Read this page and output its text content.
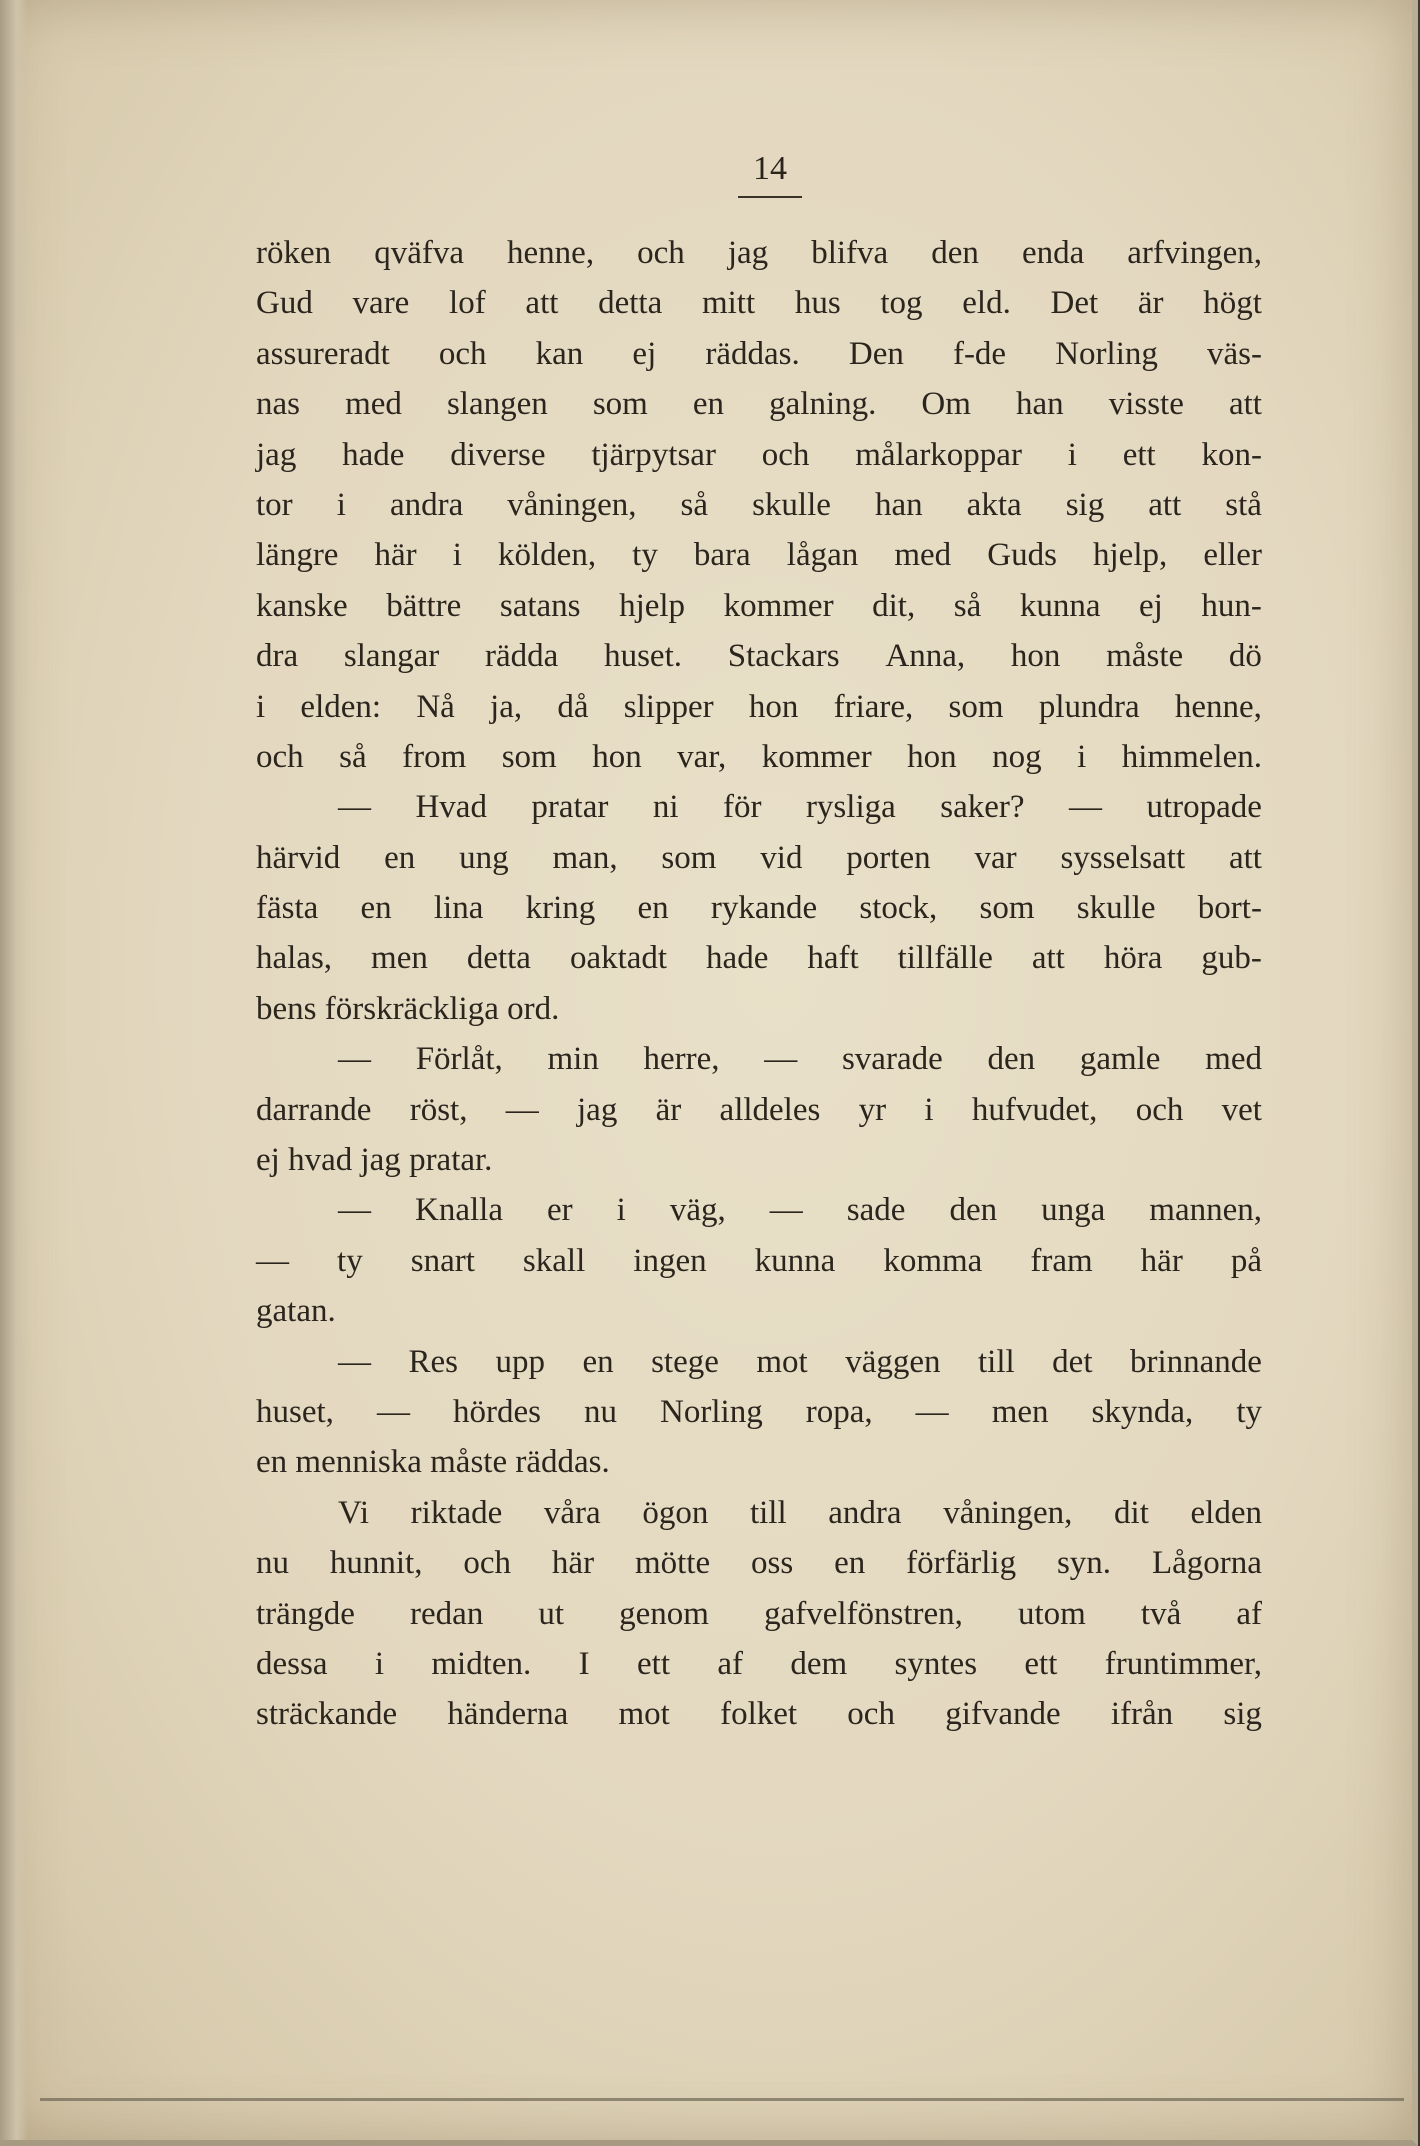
14
röken qväfva henne, och jag blifva den enda arfvingen,
Gud vare lof att detta mitt hus tog eld. Det är högt
assureradt och kan ej räddas. Den f-de Norling väs-
nas med slangen som en galning. Om han visste att
jag hade diverse tjärpytsar och målarkoppar i ett kon-
tor i andra våningen, så skulle han akta sig att stå
längre här i kölden, ty bara lågan med Guds hjelp, eller
kanske bättre satans hjelp kommer dit, så kunna ej hun-
dra slangar rädda huset. Stackars Anna, hon måste dö
i elden: Nå ja, då slipper hon friare, som plundra henne,
och så from som hon var, kommer hon nog i himmelen.
— Hvad pratar ni för rysliga saker? — utropade
härvid en ung man, som vid porten var sysselsatt att
fästa en lina kring en rykande stock, som skulle bort-
halas, men detta oaktadt hade haft tillfälle att höra gub-
bens förskräckliga ord.
— Förlåt, min herre, — svarade den gamle med
darrande röst, — jag är alldeles yr i hufvudet, och vet
ej hvad jag pratar.
— Knalla er i väg, — sade den unga mannen,
— ty snart skall ingen kunna komma fram här på
gatan.
— Res upp en stege mot väggen till det brinnande
huset, — hördes nu Norling ropa, — men skynda, ty
en menniska måste räddas.
Vi riktade våra ögon till andra våningen, dit elden
nu hunnit, och här mötte oss en förfärlig syn. Lågorna
trängde redan ut genom gafvelfönstren, utom två af
dessa i midten. I ett af dem syntes ett fruntimmer,
sträckande händerna mot folket och gifvande ifrån sig
